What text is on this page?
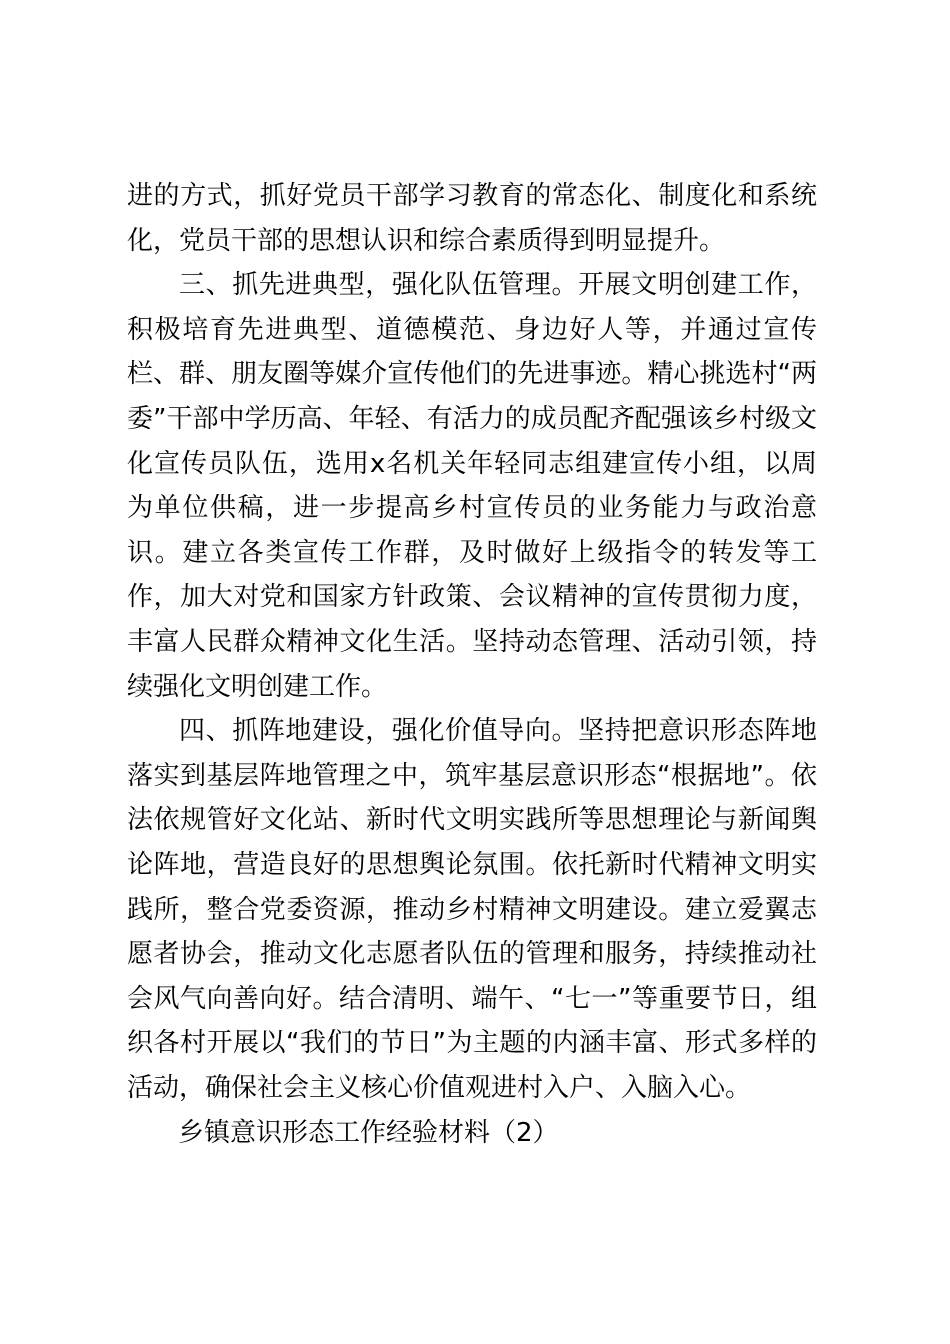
进的方式，抓好党员干部学习教育的常态化、制度化和系统化，党员干部的思想认识和综合素质得到明显提升。

三、抓先进典型，强化队伍管理。开展文明创建工作，积极培育先进典型、道德模范、身边好人等，并通过宣传栏、群、朋友圈等媒介宣传他们的先进事迹。精心挑选村“两委”干部中学历高、年轻、有活力的成员配齐配强该乡村级文化宣传员队伍，选用x名机关年轻同志组建宣传小组，以周为单位供稿，进一步提高乡村宣传员的业务能力与政治意识。建立各类宣传工作群，及时做好上级指令的转发等工作，加大对党和国家方针政策、会议精神的宣传贯彻力度，丰富人民群众精神文化生活。坚持动态管理、活动引领，持续强化文明创建工作。

四、抓阵地建设，强化价值导向。坚持把意识形态阵地落实到基层阵地管理之中，筑牢基层意识形态“根据地”。依法依规管好文化站、新时代文明实践所等思想理论与新闻舆论阵地，营造良好的思想舆论氛围。依托新时代精神文明实践所，整合党委资源，推动乡村精神文明建设。建立爱翼志愿者协会，推动文化志愿者队伍的管理和服务，持续推动社会风气向善向好。结合清明、端午、“七一”等重要节日，组织各村开展以“我们的节日”为主题的内涵丰富、形式多样的活动，确保社会主义核心价值观进村入户、入脑入心。

乡镇意识形态工作经验材料（2）
